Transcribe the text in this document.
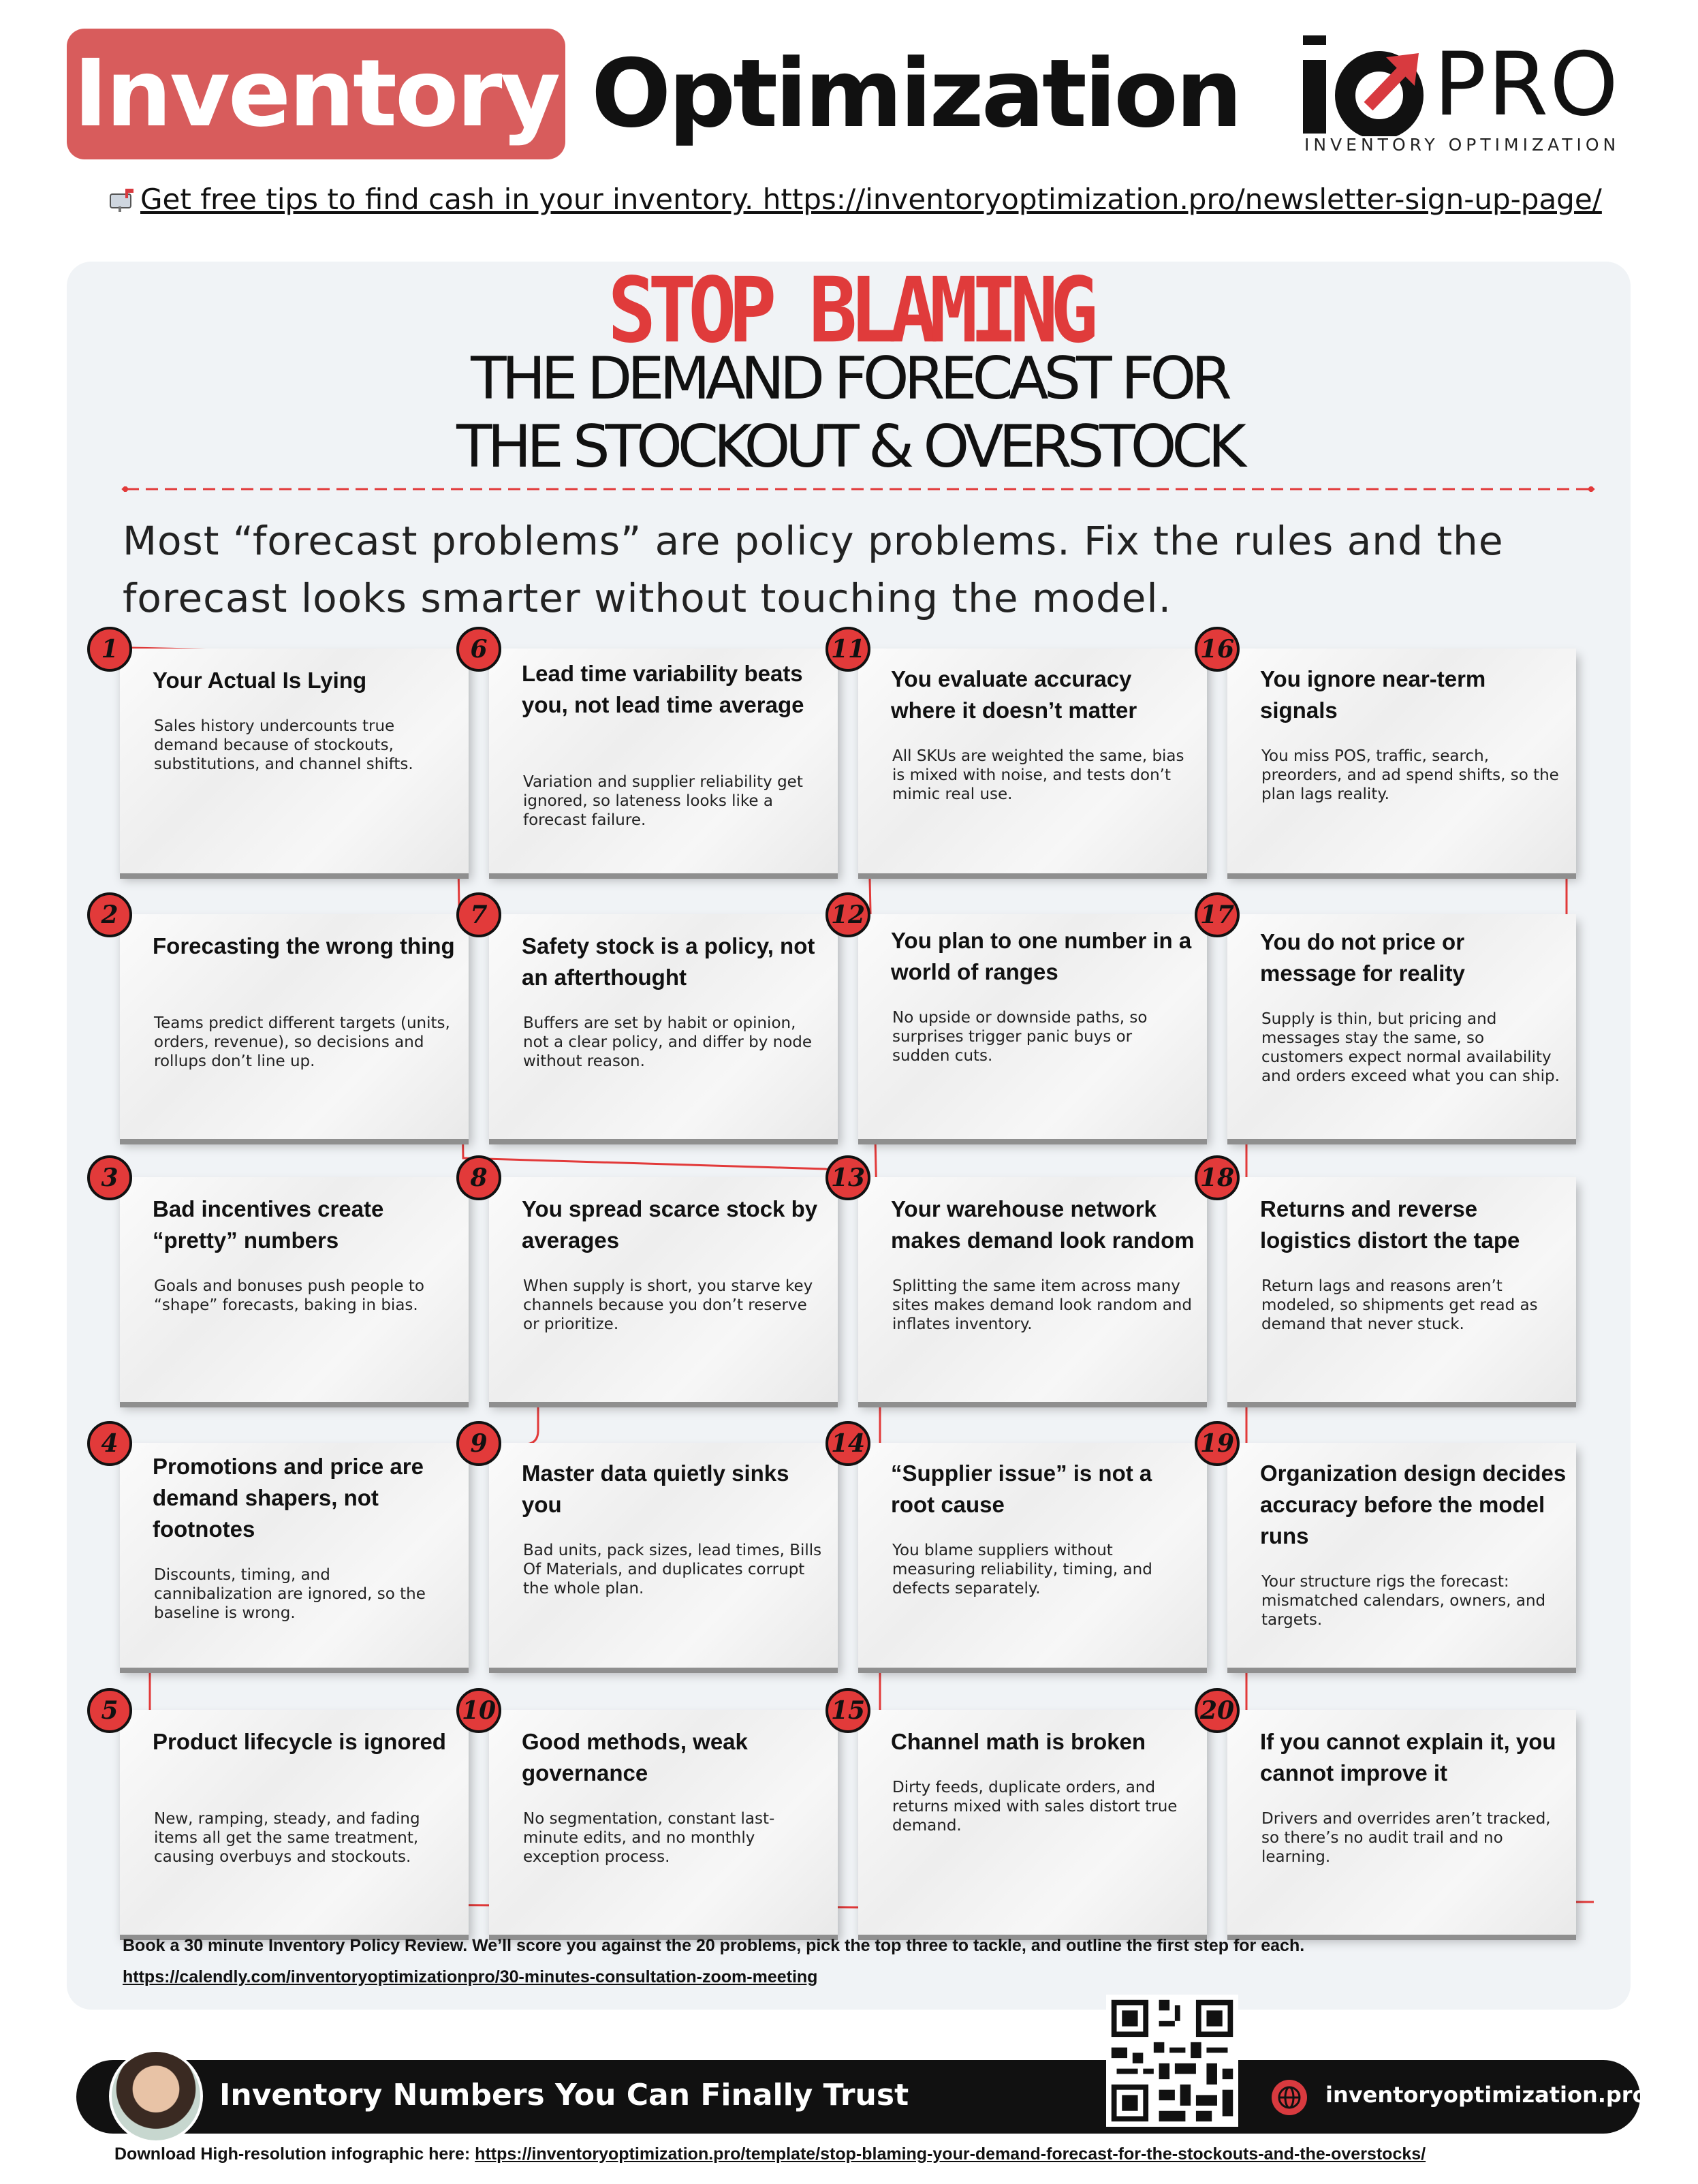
Inventory Optimization PRO
INVENTORY OPTIMIZATION
Get free tips to find cash in your inventory. https://inventoryoptimization.pro/newsletter-sign-up-page/
STOP BLAMING
THE DEMAND FORECAST FOR
THE STOCKOUT & OVERSTOCK
Most “forecast problems” are policy problems. Fix the rules and the forecast looks smarter without touching the model.
Your Actual Is Lying
Sales history undercounts true demand because of stockouts, substitutions, and channel shifts.
1
Forecasting the wrong thing
Teams predict different targets (units, orders, revenue), so decisions and rollups don’t line up.
2
Bad incentives create “pretty” numbers
Goals and bonuses push people to “shape” forecasts, baking in bias.
3
Promotions and price are demand shapers, not footnotes
Discounts, timing, and cannibalization are ignored, so the baseline is wrong.
4
Product lifecycle is ignored
New, ramping, steady, and fading items all get the same treatment, causing overbuys and stockouts.
5
Lead time variability beats you, not lead time average
Variation and supplier reliability get ignored, so lateness looks like a forecast failure.
6
Safety stock is a policy, not an afterthought
Buffers are set by habit or opinion, not a clear policy, and differ by node without reason.
7
You spread scarce stock by averages
When supply is short, you starve key channels because you don’t reserve or prioritize.
8
Master data quietly sinks you
Bad units, pack sizes, lead times, Bills Of Materials, and duplicates corrupt the whole plan.
9
Good methods, weak governance
No segmentation, constant last-minute edits, and no monthly exception process.
10
You evaluate accuracy where it doesn’t matter
All SKUs are weighted the same, bias is mixed with noise, and tests don’t mimic real use.
11
You plan to one number in a world of ranges
No upside or downside paths, so surprises trigger panic buys or sudden cuts.
12
Your warehouse network makes demand look random
Splitting the same item across many sites makes demand look random and inflates inventory.
13
“Supplier issue” is not a root cause
You blame suppliers without measuring reliability, timing, and defects separately.
14
Channel math is broken
Dirty feeds, duplicate orders, and returns mixed with sales distort true demand.
15
You ignore near-term signals
You miss POS, traffic, search, preorders, and ad spend shifts, so the plan lags reality.
16
You do not price or message for reality
Supply is thin, but pricing and messages stay the same, so customers expect normal availability and orders exceed what you can ship.
17
Returns and reverse logistics distort the tape
Return lags and reasons aren’t modeled, so shipments get read as demand that never stuck.
18
Organization design decides accuracy before the model runs
Your structure rigs the forecast: mismatched calendars, owners, and targets.
19
If you cannot explain it, you cannot improve it
Drivers and overrides aren’t tracked, so there’s no audit trail and no learning.
20
Book a 30 minute Inventory Policy Review. We’ll score you against the 20 problems, pick the top three to tackle, and outline the first step for each.
https://calendly.com/inventoryoptimizationpro/30-minutes-consultation-zoom-meeting
Inventory Numbers You Can Finally Trust	inventoryoptimization.pro
Download High-resolution infographic here: https://inventoryoptimization.pro/template/stop-blaming-your-demand-forecast-for-the-stockouts-and-the-overstocks/
